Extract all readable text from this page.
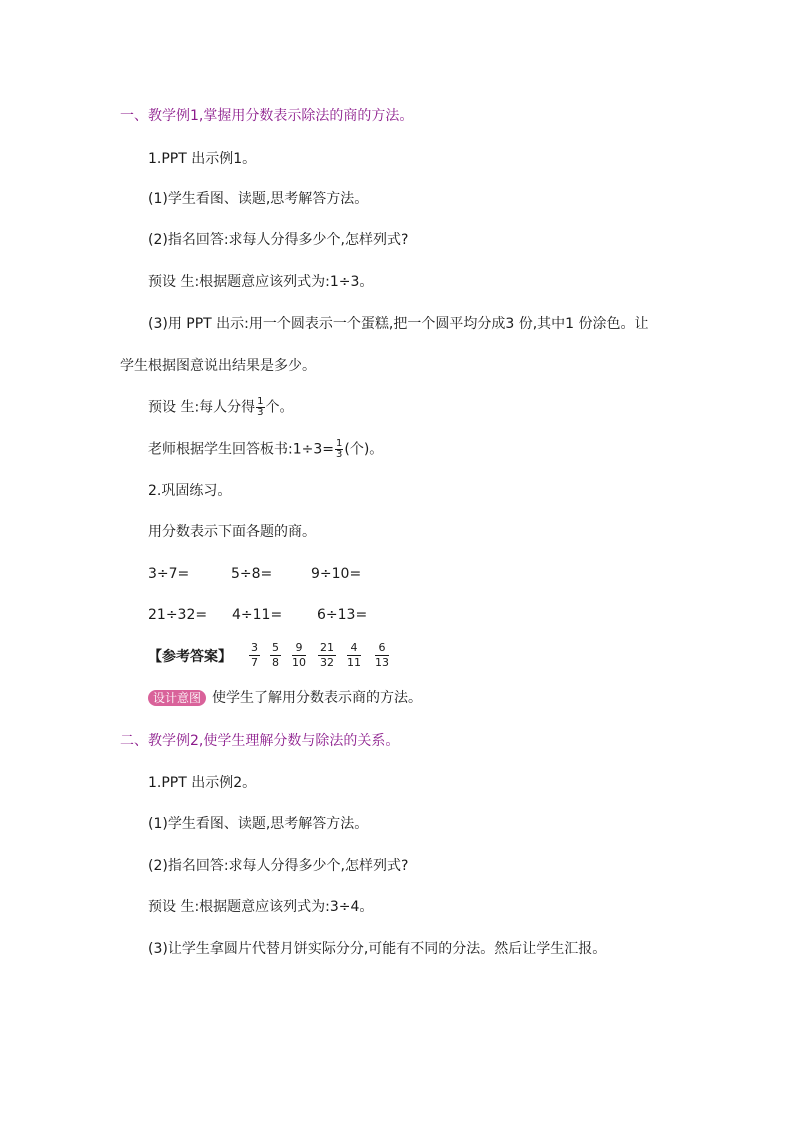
一、教学例1,掌握用分数表示除法的商的方法。
1.PPT 出示例1。
(1)学生看图、读题,思考解答方法。
(2)指名回答:求每人分得多少个,怎样列式?
预设 生:根据题意应该列式为:1÷3。
(3)用 PPT 出示:用一个圆表示一个蛋糕,把一个圆平均分成3 份,其中1 份涂色。让
学生根据图意说出结果是多少。
预设 生:每人分得 $\frac{1}{3}$ 个。
老师根据学生回答板书:1÷3= $\frac{1}{3}$ (个)。
2.巩固练习。
用分数表示下面各题的商。
3÷7=	5÷8=	9÷10=
21÷32= 4÷11= 6÷13=
【参考答案】 $\frac{3}{7} \frac{5}{8} \frac{9}{10} \frac{21}{32} \frac{4}{11} \frac{6}{13}$
设计意图 使学生了解用分数表示商的方法。
二、教学例2,使学生理解分数与除法的关系。
1.PPT 出示例2。
(1)学生看图、读题,思考解答方法。
(2)指名回答:求每人分得多少个,怎样列式?
预设 生:根据题意应该列式为:3÷4。
(3)让学生拿圆片代替月饼实际分分,可能有不同的分法。然后让学生汇报。
